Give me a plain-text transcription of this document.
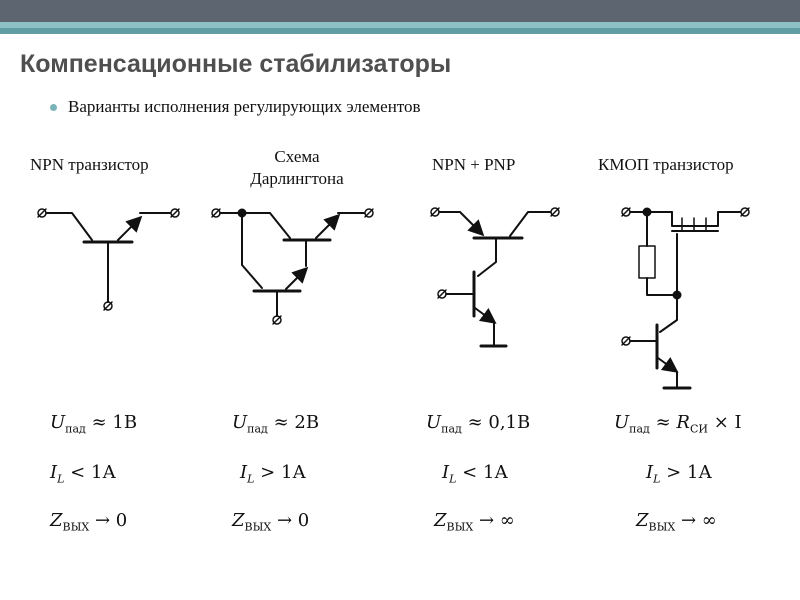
Компенсационные стабилизаторы
Варианты исполнения регулирующих элементов
NPN транзистор	Схема
Дарлингтона
NPN + PNP	КМОП транзистор
$U_{пад} \approx 1В$
$I_L < 1А$
$Z_{ВЫХ} \to 0$
$U_{пад} \approx 2В$
$I_L > 1А$
$Z_{ВЫХ} \to 0$
$U_{пад} \approx 0,1В$
$I_L < 1А$
$Z_{ВЫХ}$ → ∞
$U_{пад} \approx R_{СИ} \times I$
$I_L > 1А$
$Z_{ВЫХ}$ → ∞
